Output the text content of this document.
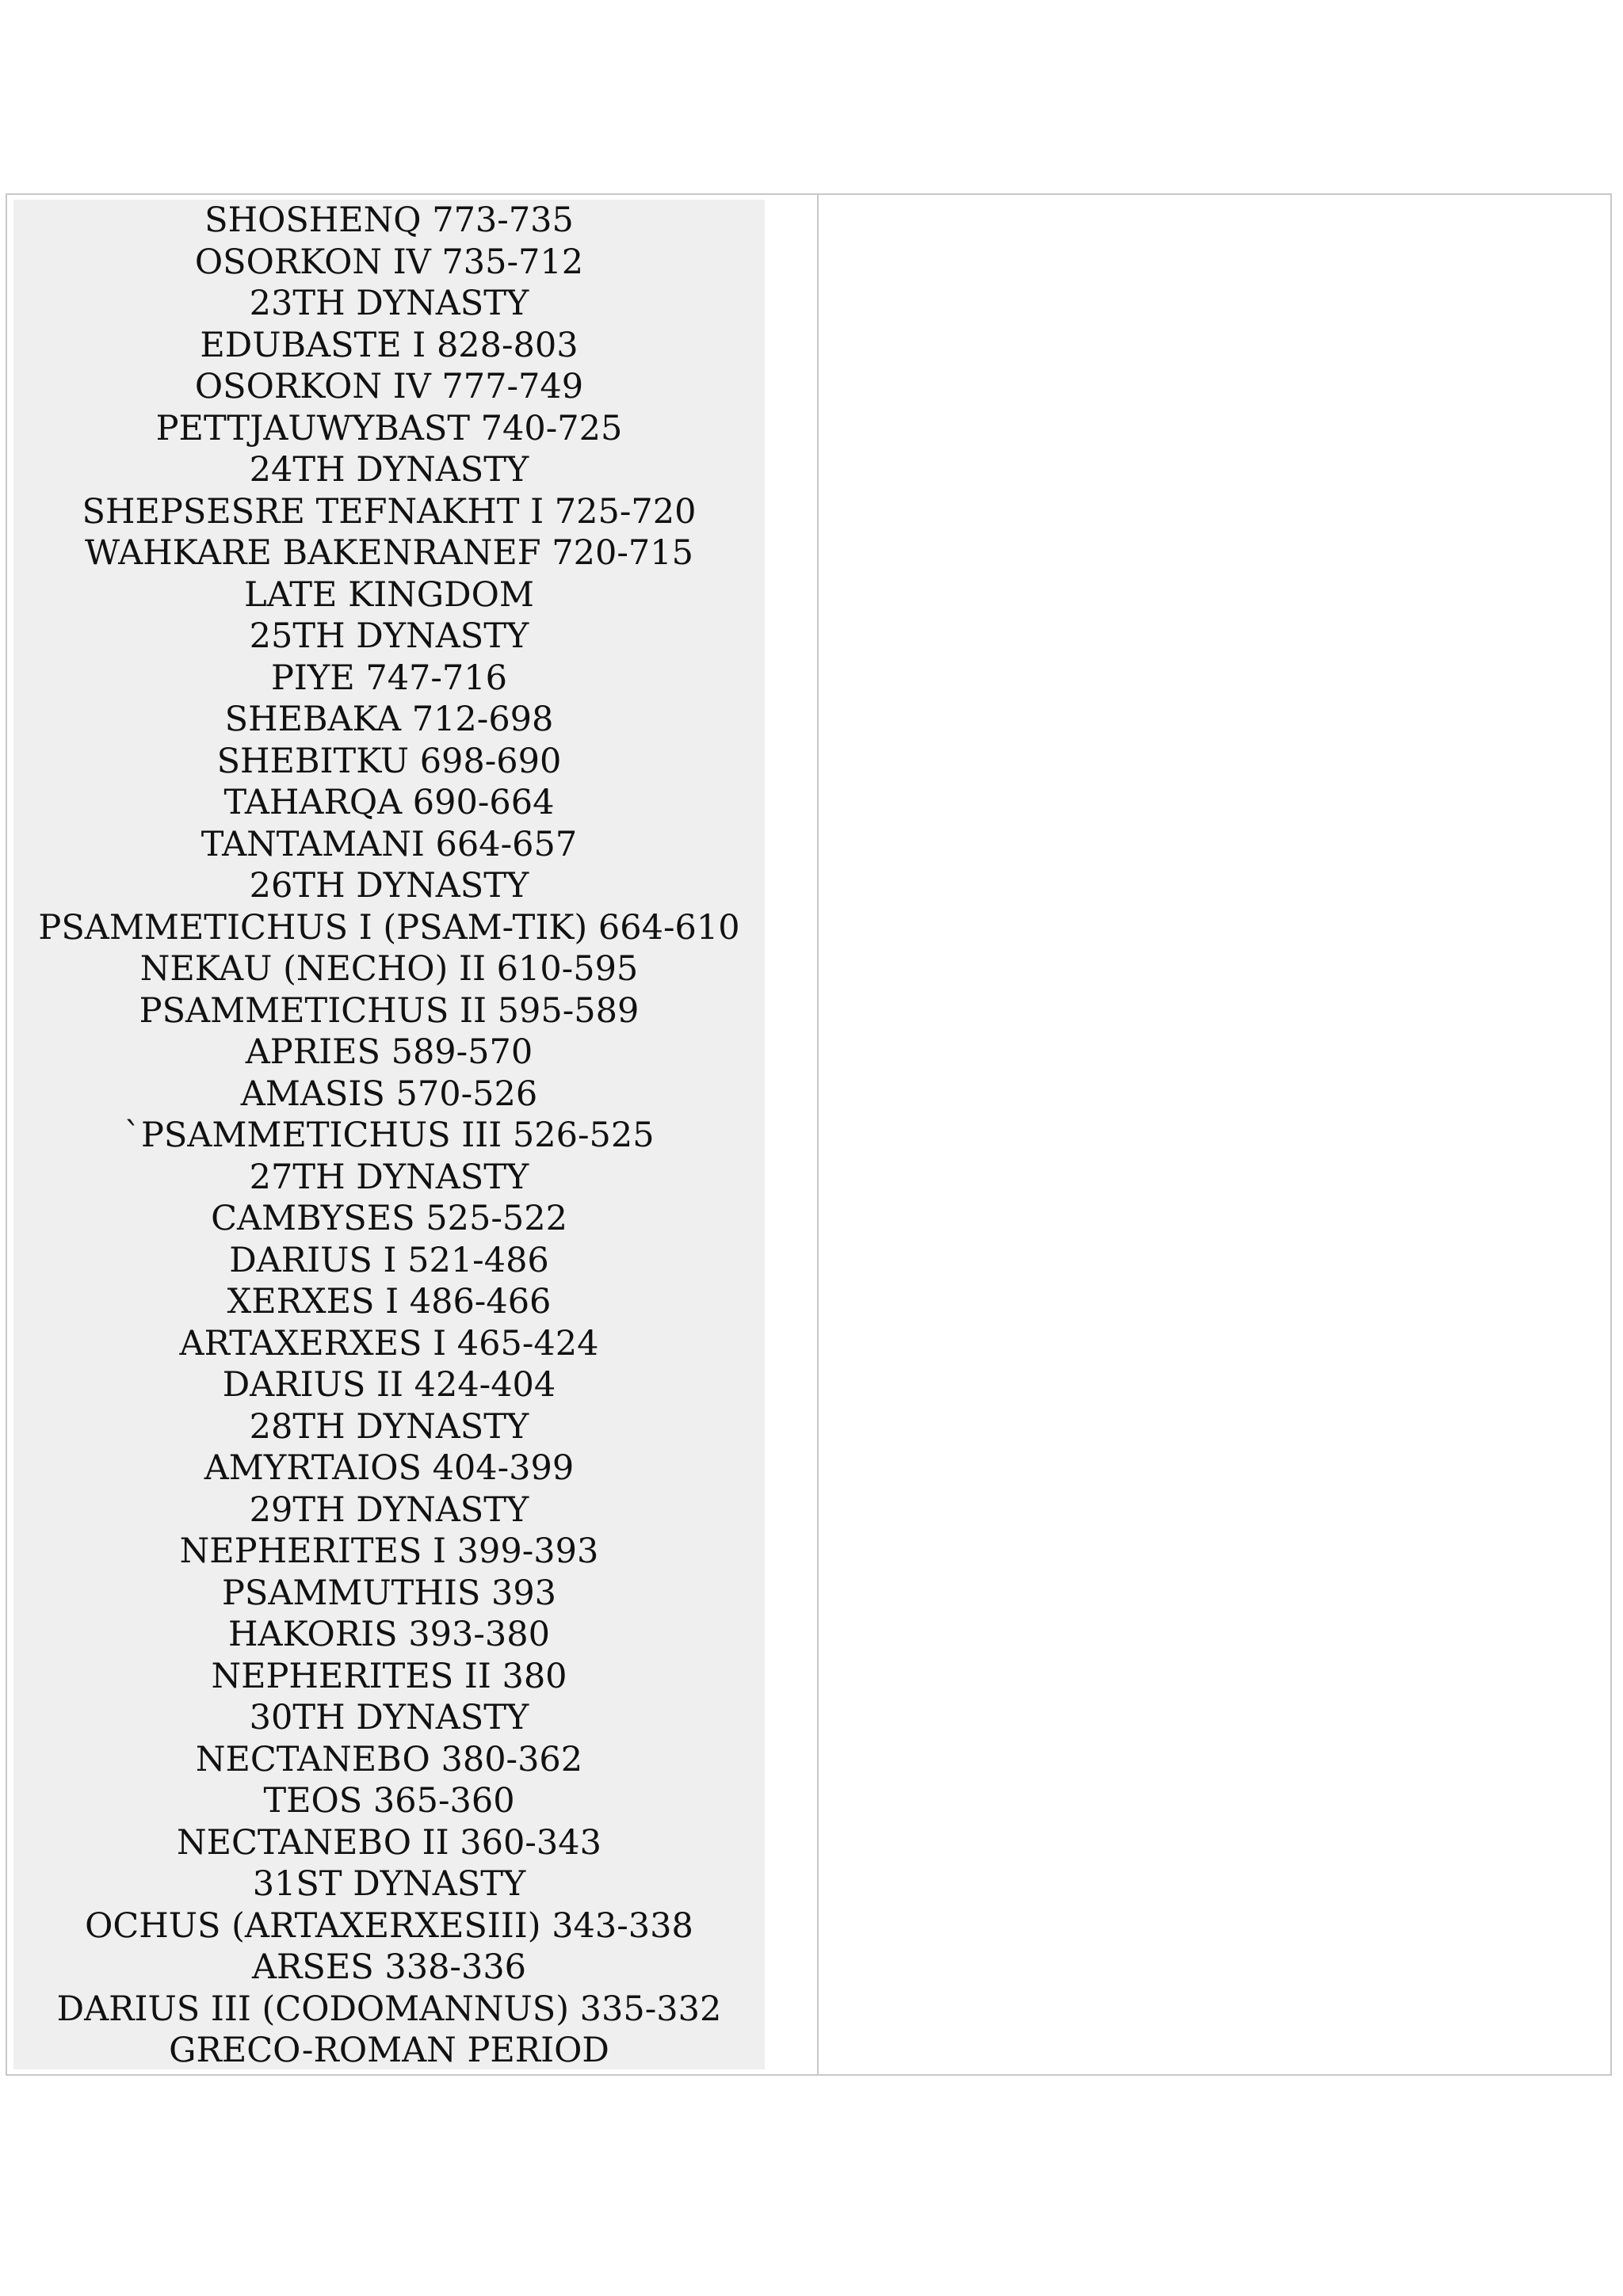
SHOSHENQ 773-735
OSORKON IV 735-712
23TH DYNASTY
EDUBASTE I 828-803
OSORKON IV 777-749
PETTJAUWYBAST 740-725
24TH DYNASTY
SHEPSESRE TEFNAKHT I 725-720
WAHKARE BAKENRANEF 720-715
LATE KINGDOM
25TH DYNASTY
PIYE 747-716
SHEBAKA 712-698
SHEBITKU 698-690
TAHARQA 690-664
TANTAMANI 664-657
26TH DYNASTY
PSAMMETICHUS I (PSAM-TIK) 664-610
NEKAU (NECHO) II 610-595
PSAMMETICHUS II 595-589
APRIES 589-570
AMASIS 570-526
`PSAMMETICHUS III 526-525
27TH DYNASTY
CAMBYSES 525-522
DARIUS I 521-486
XERXES I 486-466
ARTAXERXES I 465-424
DARIUS II 424-404
28TH DYNASTY
AMYRTAIOS 404-399
29TH DYNASTY
NEPHERITES I 399-393
PSAMMUTHIS 393
HAKORIS 393-380
NEPHERITES II 380
30TH DYNASTY
NECTANEBO 380-362
TEOS 365-360
NECTANEBO II 360-343
31ST DYNASTY
OCHUS (ARTAXERXESIII) 343-338
ARSES 338-336
DARIUS III (CODOMANNUS) 335-332
GRECO-ROMAN PERIOD
